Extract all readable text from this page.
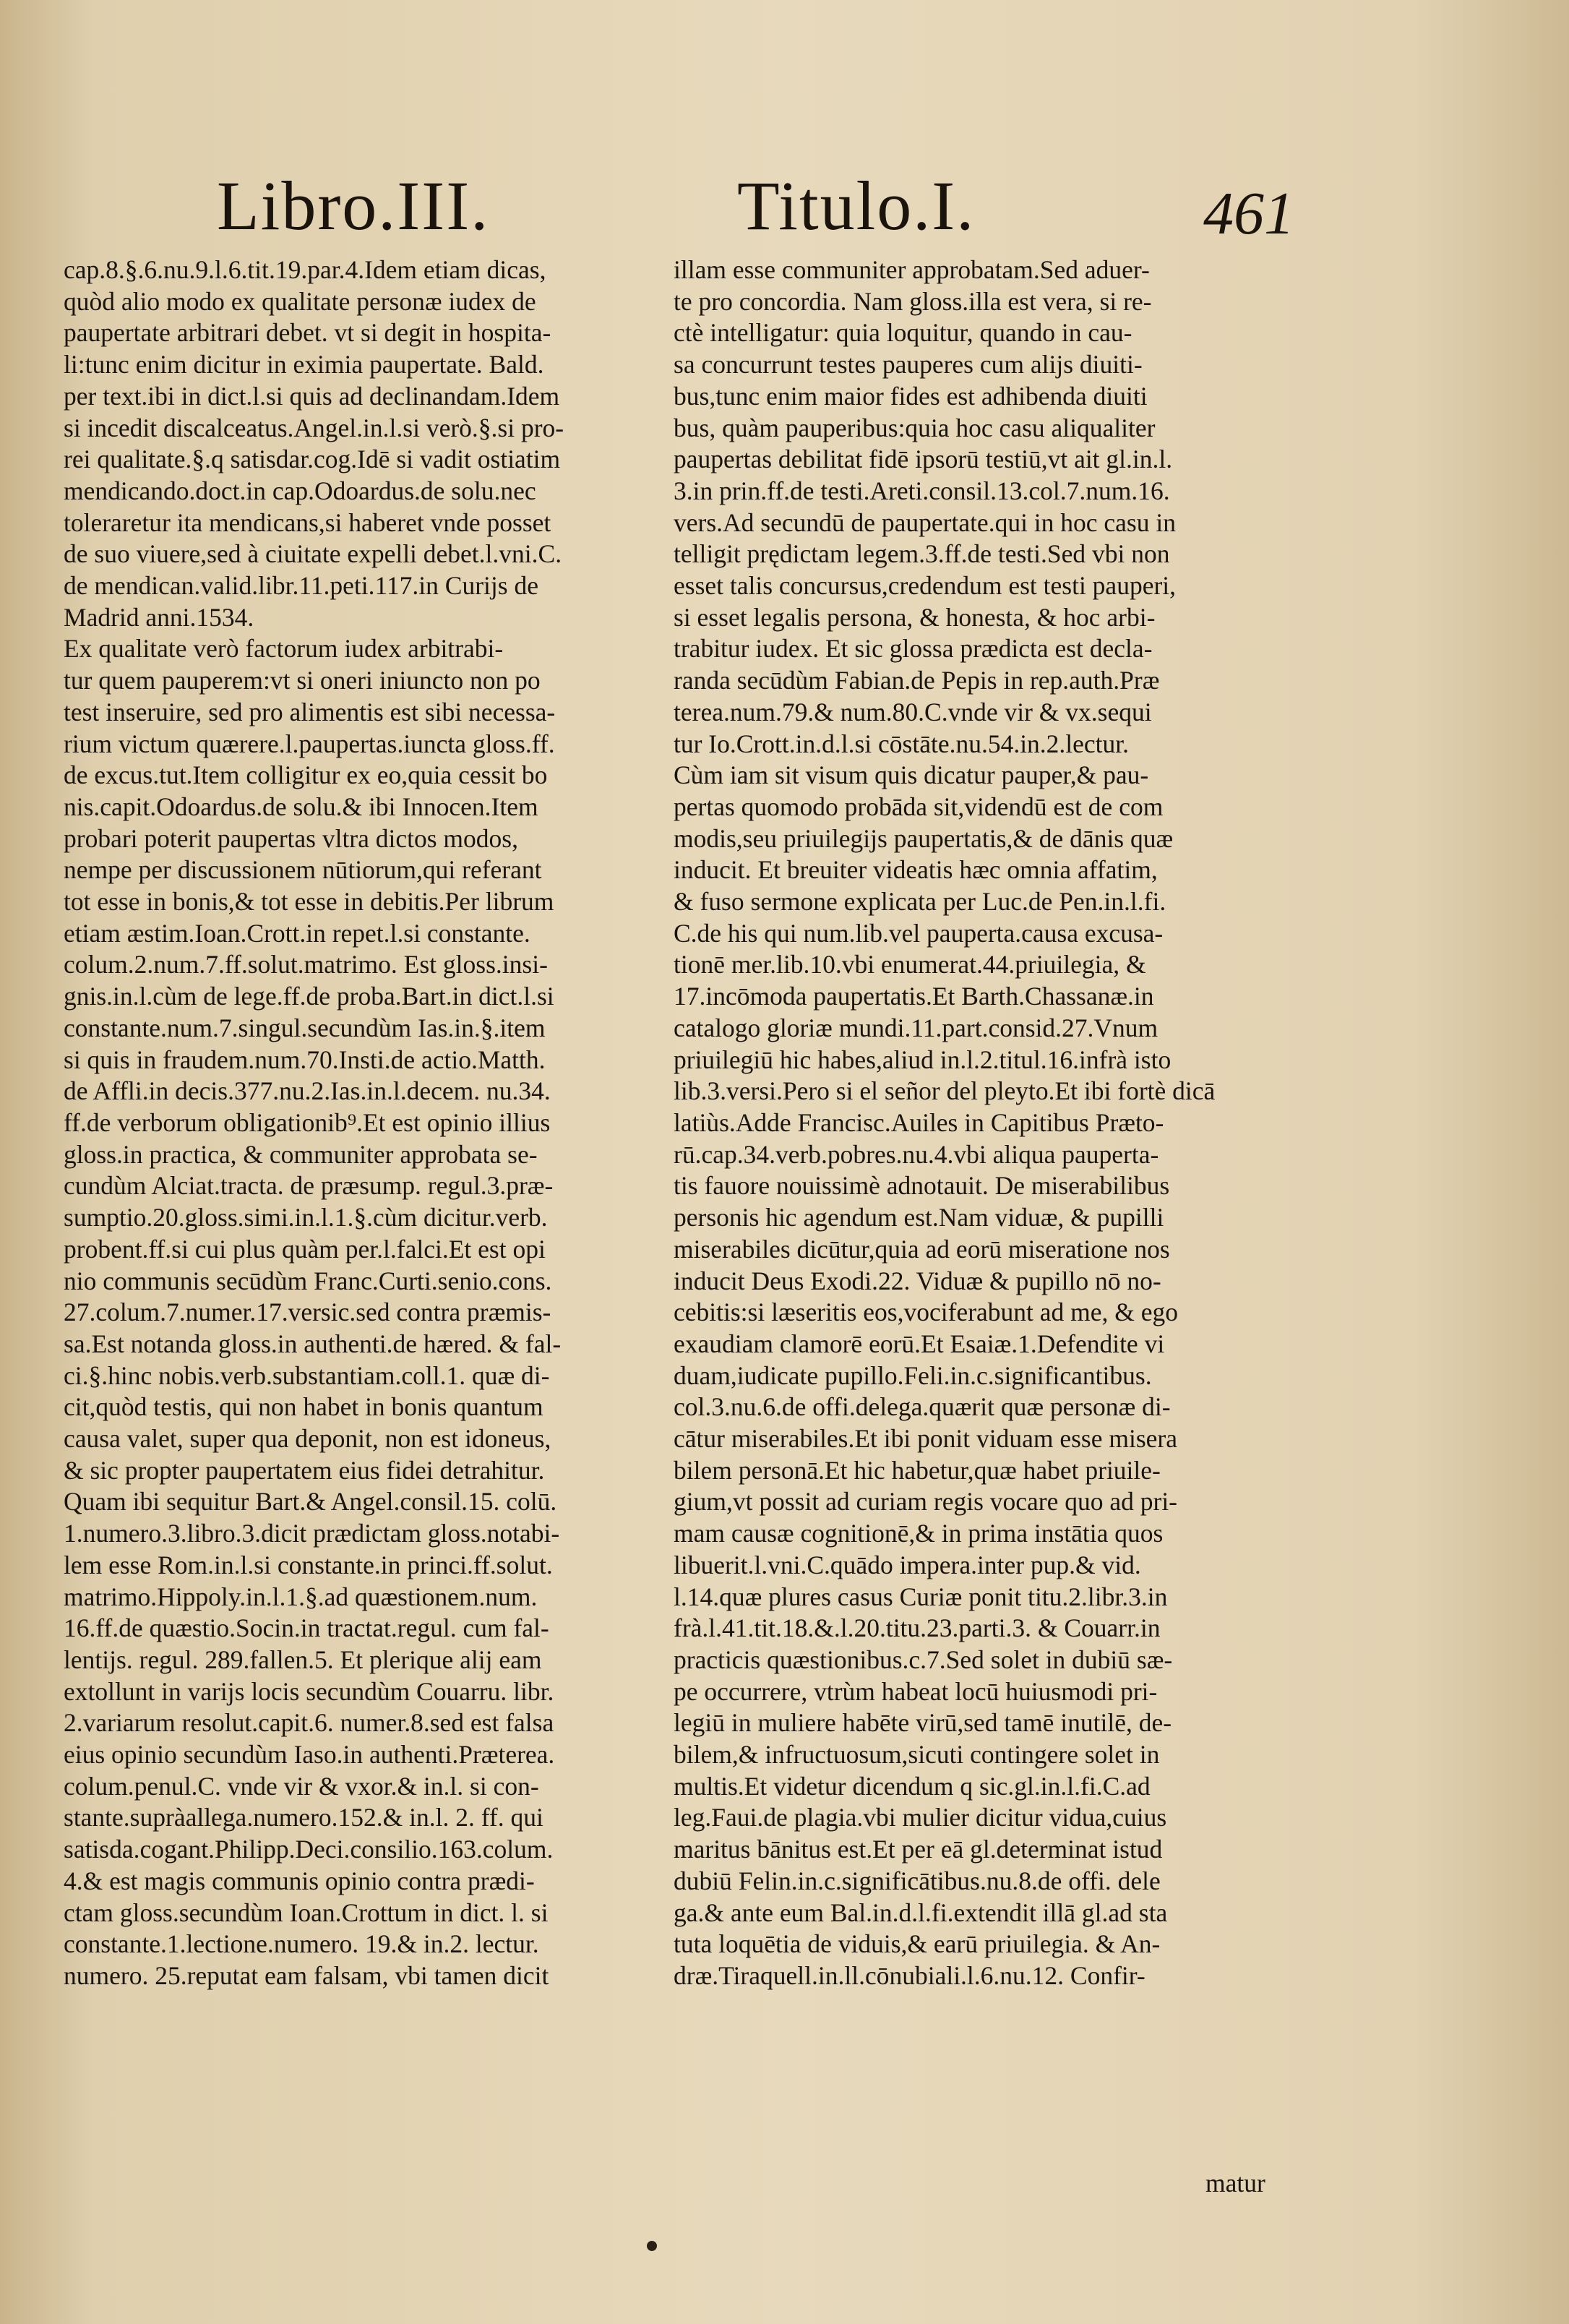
Libro.III.	Titulo.I.	461
cap.8.§.6.nu.9.l.6.tit.19.par.4.Idem etiam dicas,
quòd alio modo ex qualitate personæ iudex de
paupertate arbitrari debet. vt si degit in hospita-
li:tunc enim dicitur in eximia paupertate. Bald.
per text.ibi in dict.l.si quis ad declinandam.Idem
si incedit discalceatus.Angel.in.l.si verò.§.si pro-
rei qualitate.§.q satisdar.cog.Idē si vadit ostiatim
mendicando.doct.in cap.Odoardus.de solu.nec
toleraretur ita mendicans,si haberet vnde posset
de suo viuere,sed à ciuitate expelli debet.l.vni.C.
de mendican.valid.libr.11.peti.117.in Curijs de
Madrid anni.1534.
Ex qualitate verò factorum iudex arbitrabi-
tur quem pauperem:vt si oneri iniuncto non po
test inseruire, sed pro alimentis est sibi necessa-
rium victum quærere.l.paupertas.iuncta gloss.ff.
de excus.tut.Item colligitur ex eo,quia cessit bo
nis.capit.Odoardus.de solu.& ibi Innocen.Item
probari poterit paupertas vltra dictos modos,
nempe per discussionem nūtiorum,qui referant
tot esse in bonis,& tot esse in debitis.Per librum
etiam æstim.Ioan.Crott.in repet.l.si constante.
colum.2.num.7.ff.solut.matrimo. Est gloss.insi-
gnis.in.l.cùm de lege.ff.de proba.Bart.in dict.l.si
constante.num.7.singul.secundùm Ias.in.§.item
si quis in fraudem.num.70.Insti.de actio.Matth.
de Affli.in decis.377.nu.2.Ias.in.l.decem. nu.34.
ff.de verborum obligationib⁹.Et est opinio illius
gloss.in practica, & communiter approbata se-
cundùm Alciat.tracta. de præsump. regul.3.præ-
sumptio.20.gloss.simi.in.l.1.§.cùm dicitur.verb.
probent.ff.si cui plus quàm per.l.falci.Et est opi
nio communis secūdùm Franc.Curti.senio.cons.
27.colum.7.numer.17.versic.sed contra præmis-
sa.Est notanda gloss.in authenti.de hæred. & fal-
ci.§.hinc nobis.verb.substantiam.coll.1. quæ di-
cit,quòd testis, qui non habet in bonis quantum
causa valet, super qua deponit, non est idoneus,
& sic propter paupertatem eius fidei detrahitur.
Quam ibi sequitur Bart.& Angel.consil.15. colū.
1.numero.3.libro.3.dicit prædictam gloss.notabi-
lem esse Rom.in.l.si constante.in princi.ff.solut.
matrimo.Hippoly.in.l.1.§.ad quæstionem.num.
16.ff.de quæstio.Socin.in tractat.regul. cum fal-
lentijs. regul. 289.fallen.5. Et plerique alij eam
extollunt in varijs locis secundùm Couarru. libr.
2.variarum resolut.capit.6. numer.8.sed est falsa
eius opinio secundùm Iaso.in authenti.Præterea.
colum.penul.C. vnde vir & vxor.& in.l. si con-
stante.supràallega.numero.152.& in.l. 2. ff. qui
satisda.cogant.Philipp.Deci.consilio.163.colum.
4.& est magis communis opinio contra prædi-
ctam gloss.secundùm Ioan.Crottum in dict. l. si
constante.1.lectione.numero. 19.& in.2. lectur.
numero. 25.reputat eam falsam, vbi tamen dicit
illam esse communiter approbatam.Sed aduer-
te pro concordia. Nam gloss.illa est vera, si re-
ctè intelligatur: quia loquitur, quando in cau-
sa concurrunt testes pauperes cum alijs diuiti-
bus,tunc enim maior fides est adhibenda diuiti
bus, quàm pauperibus:quia hoc casu aliqualiter
paupertas debilitat fidē ipsorū testiū,vt ait gl.in.l.
3.in prin.ff.de testi.Areti.consil.13.col.7.num.16.
vers.Ad secundū de paupertate.qui in hoc casu in
telligit prędictam legem.3.ff.de testi.Sed vbi non
esset talis concursus,credendum est testi pauperi,
si esset legalis persona, & honesta, & hoc arbi-
trabitur iudex. Et sic glossa prædicta est decla-
randa secūdùm Fabian.de Pepis in rep.auth.Præ
terea.num.79.& num.80.C.vnde vir & vx.sequi
tur Io.Crott.in.d.l.si cōstāte.nu.54.in.2.lectur.
Cùm iam sit visum quis dicatur pauper,& pau-
pertas quomodo probāda sit,videndū est de com
modis,seu priuilegijs paupertatis,& de dānis quæ
inducit. Et breuiter videatis hæc omnia affatim,
& fuso sermone explicata per Luc.de Pen.in.l.fi.
C.de his qui num.lib.vel pauperta.causa excusa-
tionē mer.lib.10.vbi enumerat.44.priuilegia, &
17.incōmoda paupertatis.Et Barth.Chassanæ.in
catalogo gloriæ mundi.11.part.consid.27.Vnum
priuilegiū hic habes,aliud in.l.2.titul.16.infrà isto
lib.3.versi.Pero si el señor del pleyto.Et ibi fortè dicā
latiùs.Adde Francisc.Auiles in Capitibus Præto-
rū.cap.34.verb.pobres.nu.4.vbi aliqua pauperta-
tis fauore nouissimè adnotauit. De miserabilibus
personis hic agendum est.Nam viduæ, & pupilli
miserabiles dicūtur,quia ad eorū miseratione nos
inducit Deus Exodi.22. Viduæ & pupillo nō no-
cebitis:si læseritis eos,vociferabunt ad me, & ego
exaudiam clamorē eorū.Et Esaiæ.1.Defendite vi
duam,iudicate pupillo.Feli.in.c.significantibus.
col.3.nu.6.de offi.delega.quærit quæ personæ di-
cātur miserabiles.Et ibi ponit viduam esse misera
bilem personā.Et hic habetur,quæ habet priuile-
gium,vt possit ad curiam regis vocare quo ad pri-
mam causæ cognitionē,& in prima instātia quos
libuerit.l.vni.C.quādo impera.inter pup.& vid.
l.14.quæ plures casus Curiæ ponit titu.2.libr.3.in
frà.l.41.tit.18.&.l.20.titu.23.parti.3. & Couarr.in
practicis quæstionibus.c.7.Sed solet in dubiū sæ-
pe occurrere, vtrùm habeat locū huiusmodi pri-
legiū in muliere habēte virū,sed tamē inutilē, de-
bilem,& infructuosum,sicuti contingere solet in
multis.Et videtur dicendum q sic.gl.in.l.fi.C.ad
leg.Faui.de plagia.vbi mulier dicitur vidua,cuius
maritus bānitus est.Et per eā gl.determinat istud
dubiū Felin.in.c.significātibus.nu.8.de offi. dele
ga.& ante eum Bal.in.d.l.fi.extendit illā gl.ad sta
tuta loquētia de viduis,& earū priuilegia. & An-
dræ.Tiraquell.in.ll.cōnubiali.l.6.nu.12. Confir-
matur
